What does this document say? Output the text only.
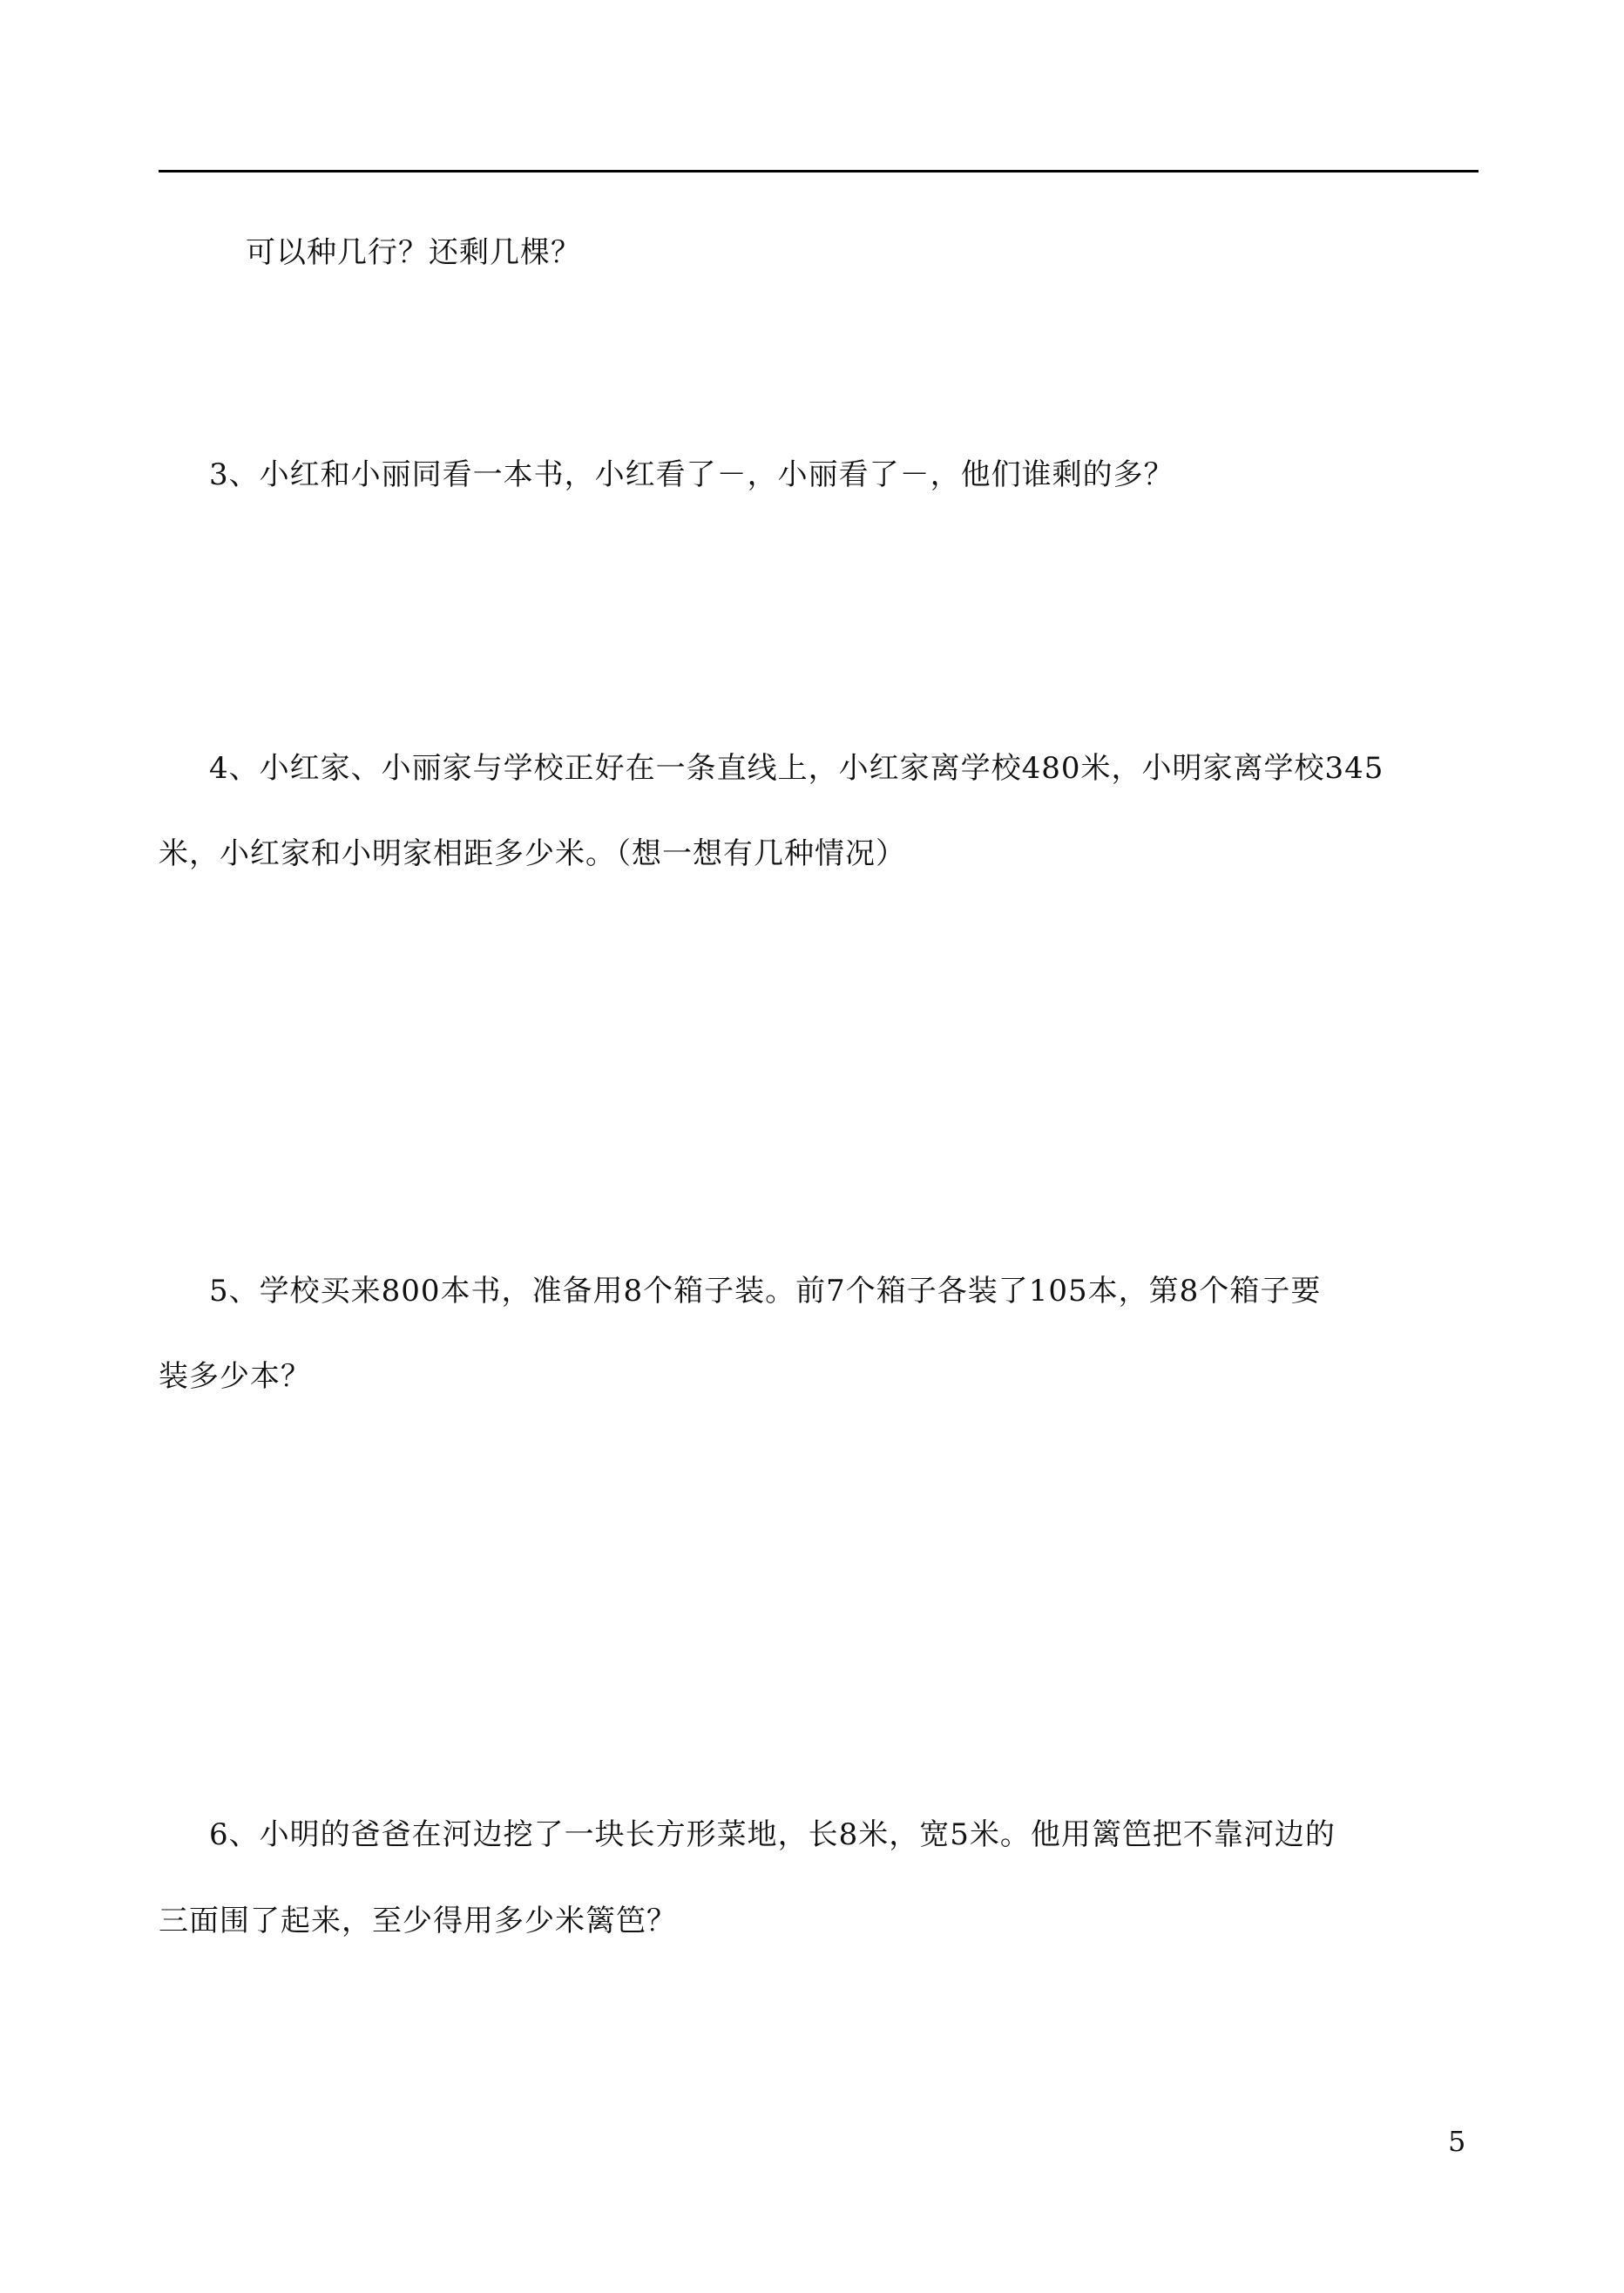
可以种几行？还剩几棵？
3、小红和小丽同看一本书，小红看了－，小丽看了－，他们谁剩的多？
4、小红家、小丽家与学校正好在一条直线上，小红家离学校480米，小明家离学校345
米，小红家和小明家相距多少米。（想一想有几种情况）
5、学校买来800本书，准备用8个箱子装。前7个箱子各装了105本，第8个箱子要
装多少本？
6、小明的爸爸在河边挖了一块长方形菜地，长8米，宽5米。他用篱笆把不靠河边的
三面围了起来，至少得用多少米篱笆？
5
